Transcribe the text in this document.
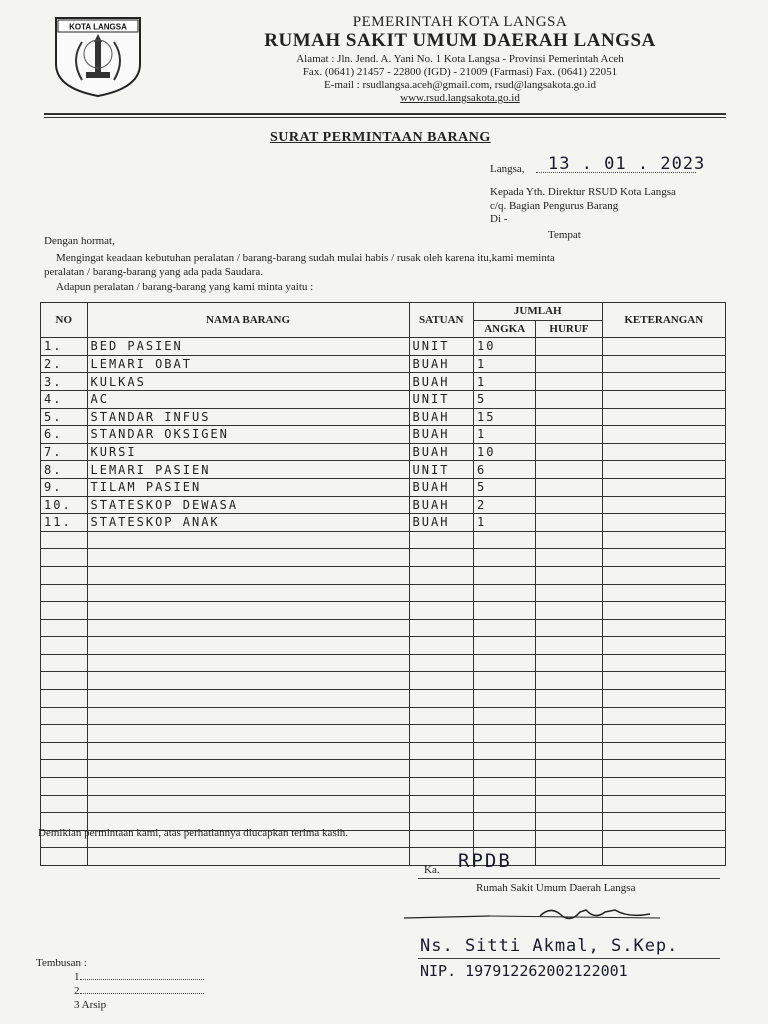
KOTA LANGSA	PEMERINTAH KOTA LANGSA
RUMAH SAKIT UMUM DAERAH LANGSA
Alamat : Jln. Jend. A. Yani No. 1 Kota Langsa - Provinsi Pemerintah Aceh
Fax. (0641) 21457 - 22800 (IGD) - 21009 (Farmasi) Fax. (0641) 22051
E-mail : rsudlangsa.aceh@gmail.com, rsud@langsakota.go.id
www.rsud.langsakota.go.id
SURAT PERMINTAAN BARANG
Langsa, 13 . 01 . 2023
Kepada Yth. Direktur RSUD Kota Langsa
c/q. Bagian Pengurus Barang
Di -
Tempat
Dengan hormat,
Mengingat keadaan kebutuhan peralatan / barang-barang sudah mulai habis / rusak oleh karena itu,kami meminta
peralatan / barang-barang yang ada pada Saudara.
Adapun peralatan / barang-barang yang kami minta yaitu :
NO	NAMA BARANG	SATUAN	JUMLAH		KETERANGAN
			ANGKA	HURUF	
1.	BED PASIEN	UNIT	10		
2.	LEMARI OBAT	BUAH	1		
3.	KULKAS	BUAH	1		
4.	AC	UNIT	5		
5.	STANDAR INFUS	BUAH	15		
6.	STANDAR OKSIGEN	BUAH	1		
7.	KURSI	BUAH	10		
8.	LEMARI PASIEN	UNIT	6		
9.	TILAM PASIEN	BUAH	5		
10.	STATESKOP DEWASA	BUAH	2		
11.	STATESKOP ANAK	BUAH	1		

Demikian permintaan kami, atas perhatiannya diucapkan terima kasih.
Ka. RPDB
Rumah Sakit Umum Daerah Langsa
Ns. Sitti Akmal, S.Kep.
NIP. 197912262002122001
Tembusan :
1
2
3 Arsip
